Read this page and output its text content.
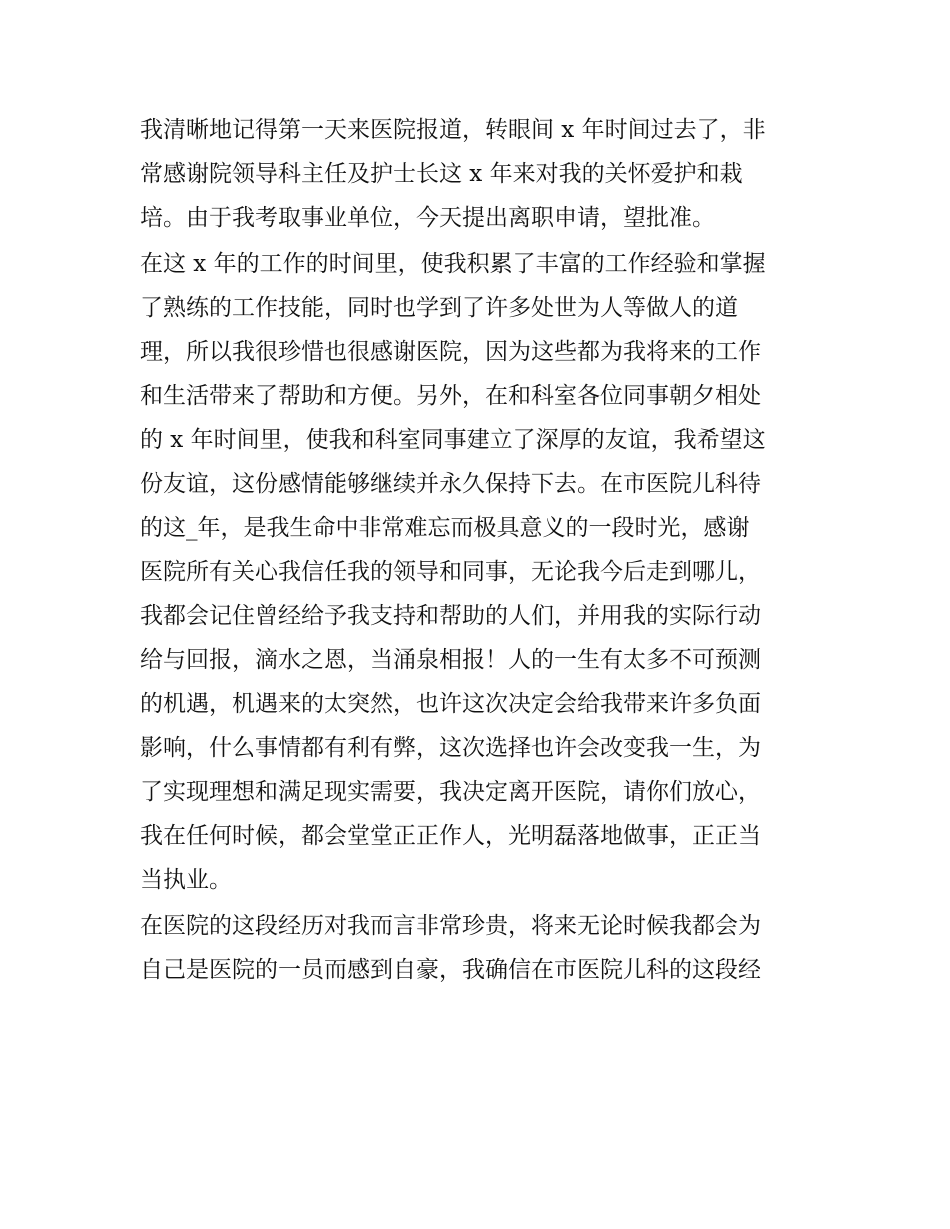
我清晰地记得第一天来医院报道，转眼间 x 年时间过去了，非
常感谢院领导科主任及护士长这 x 年来对我的关怀爱护和栽
培。由于我考取事业单位，今天提出离职申请，望批准。
在这 x 年的工作的时间里，使我积累了丰富的工作经验和掌握
了熟练的工作技能，同时也学到了许多处世为人等做人的道
理，所以我很珍惜也很感谢医院，因为这些都为我将来的工作
和生活带来了帮助和方便。另外，在和科室各位同事朝夕相处
的 x 年时间里，使我和科室同事建立了深厚的友谊，我希望这
份友谊，这份感情能够继续并永久保持下去。在市医院儿科待
的这_年，是我生命中非常难忘而极具意义的一段时光，感谢
医院所有关心我信任我的领导和同事，无论我今后走到哪儿，
我都会记住曾经给予我支持和帮助的人们，并用我的实际行动
给与回报，滴水之恩，当涌泉相报！人的一生有太多不可预测
的机遇，机遇来的太突然，也许这次决定会给我带来许多负面
影响，什么事情都有利有弊，这次选择也许会改变我一生，为
了实现理想和满足现实需要，我决定离开医院，请你们放心，
我在任何时候，都会堂堂正正作人，光明磊落地做事，正正当
当执业。
在医院的这段经历对我而言非常珍贵，将来无论时候我都会为
自己是医院的一员而感到自豪，我确信在市医院儿科的这段经
